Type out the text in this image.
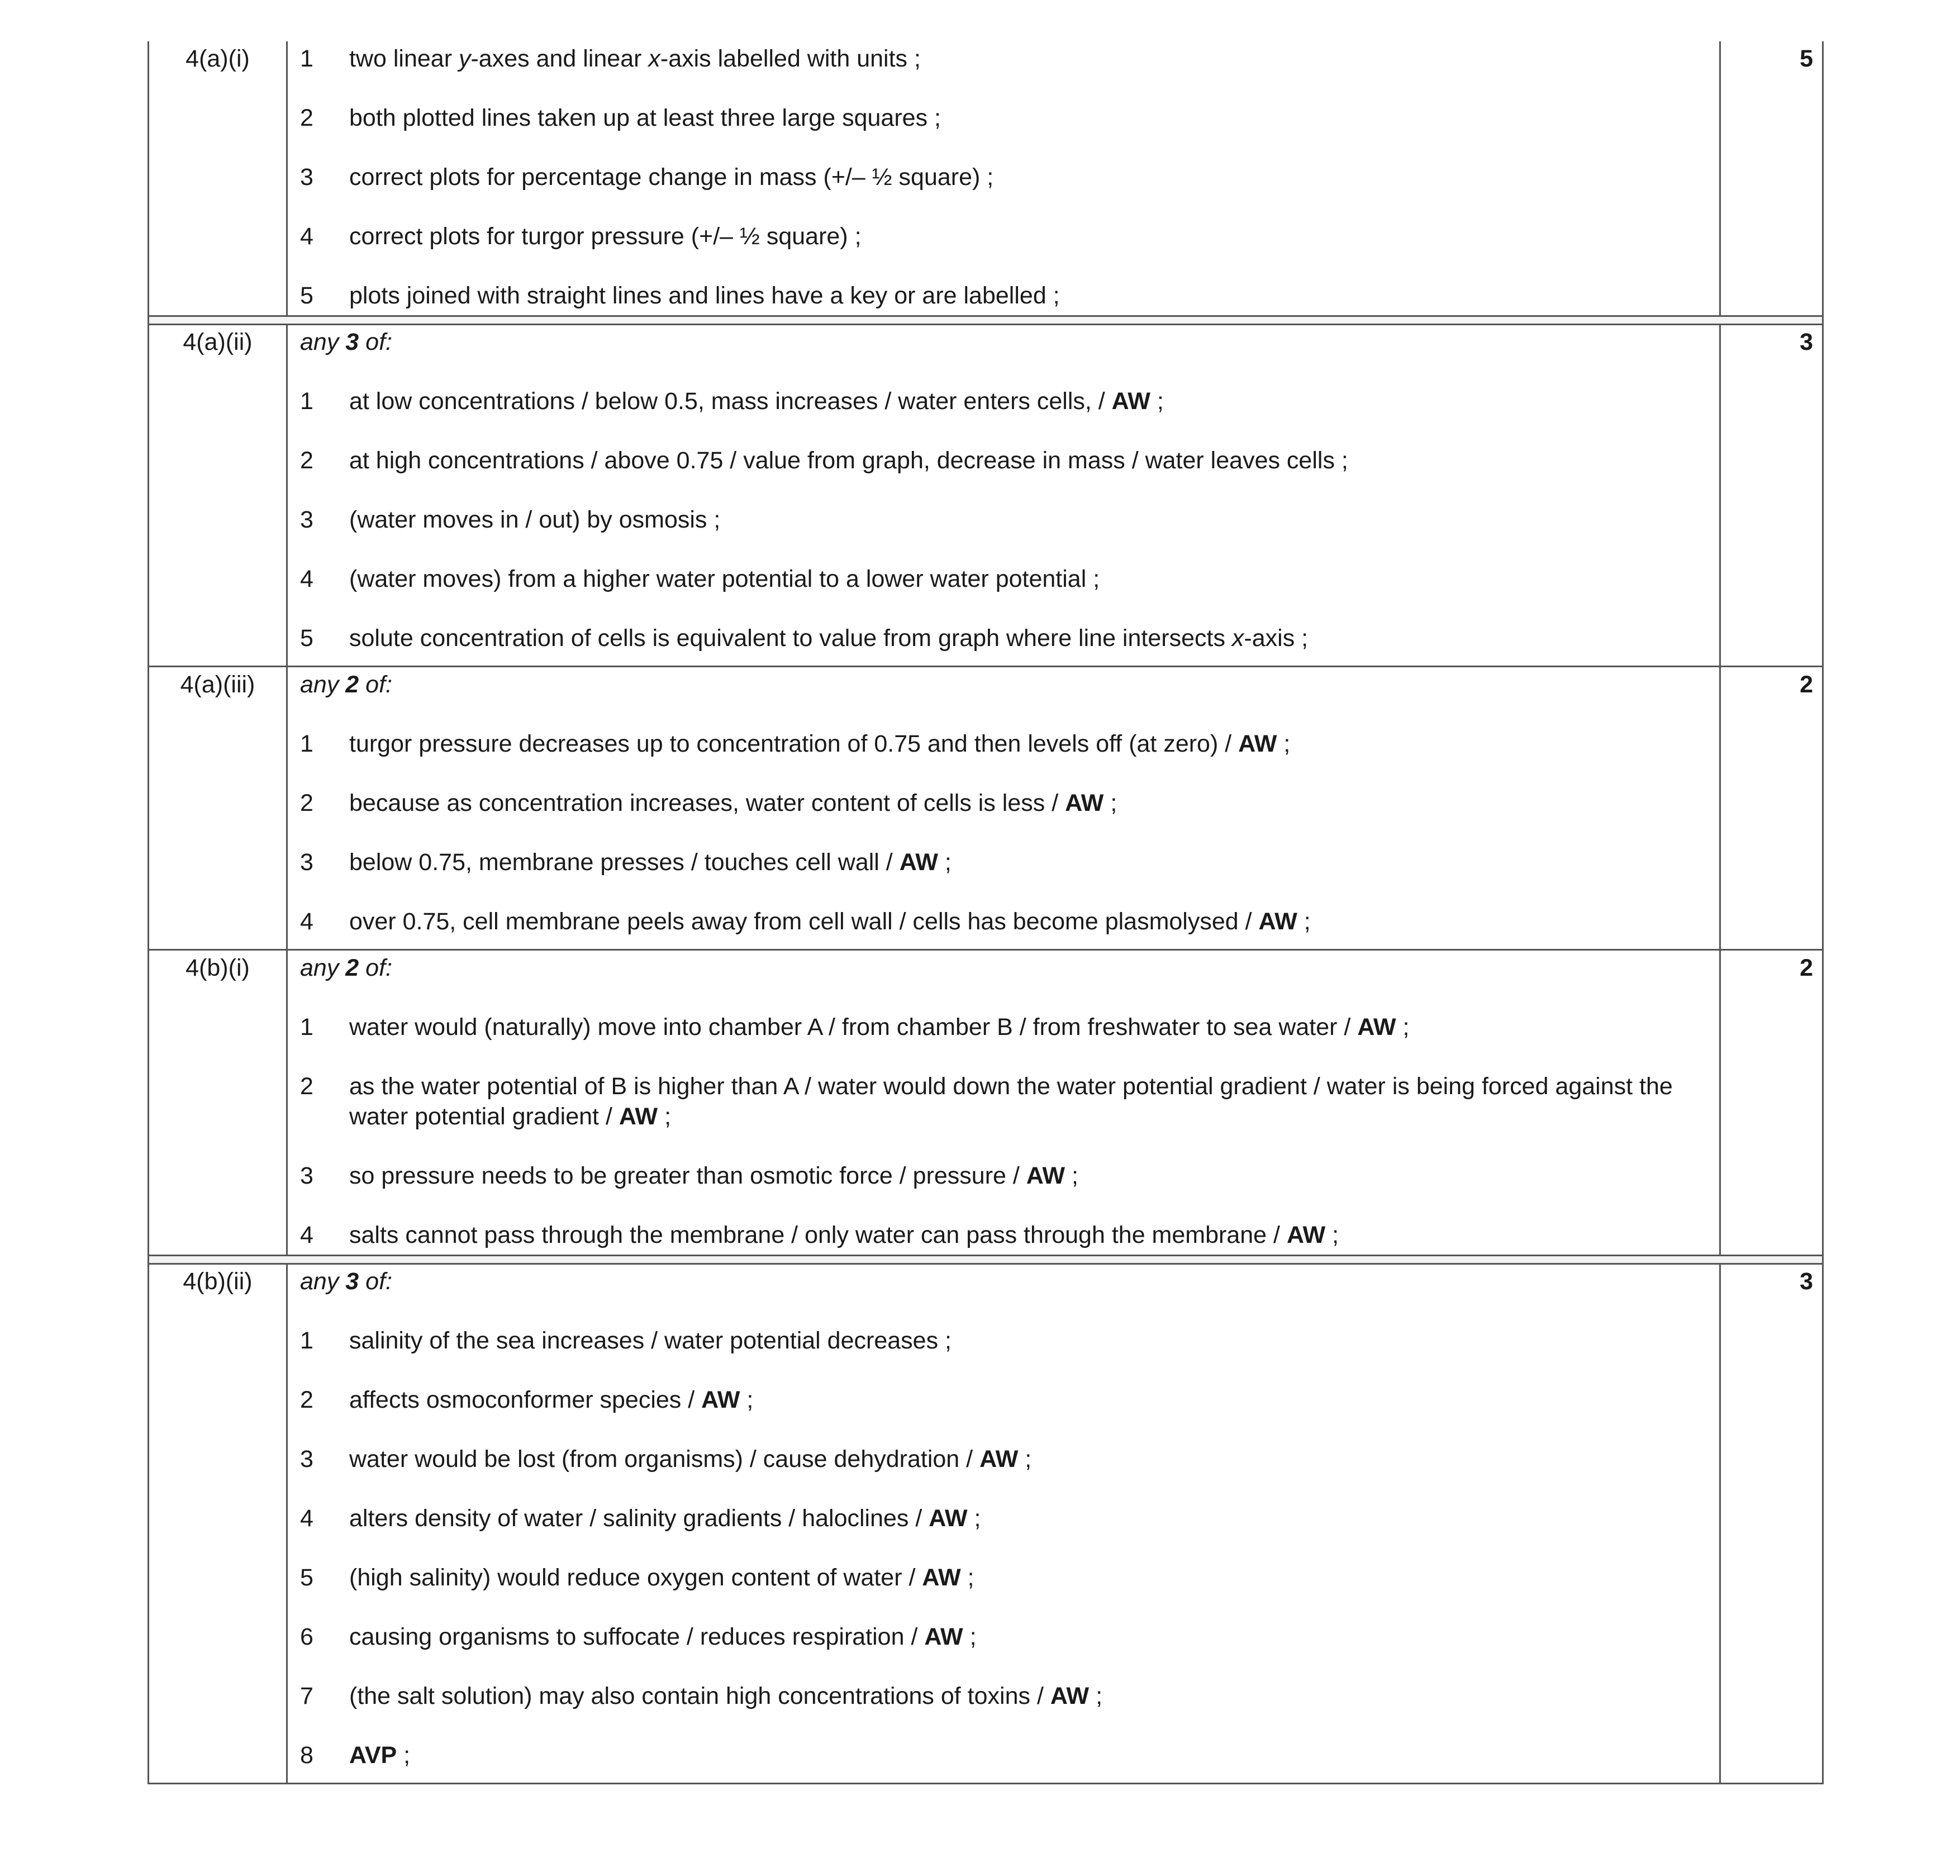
4(a)(i)	1	two linear y-axes and linear x-axis labelled with units ;
2	both plotted lines taken up at least three large squares ;
3	correct plots for percentage change in mass (+/– ½ square) ;
4	correct plots for turgor pressure (+/– ½ square) ;
5	plots joined with straight lines and lines have a key or are labelled ;
5
4(a)(ii)	any 3 of:
1	at low concentrations / below 0.5, mass increases / water enters cells, / AW ;
2	at high concentrations / above 0.75 / value from graph, decrease in mass / water leaves cells ;
3	(water moves in / out) by osmosis ;
4	(water moves) from a higher water potential to a lower water potential ;
5	solute concentration of cells is equivalent to value from graph where line intersects x-axis ;
3
4(a)(iii)	any 2 of:
1	turgor pressure decreases up to concentration of 0.75 and then levels off (at zero) / AW ;
2	because as concentration increases, water content of cells is less / AW ;
3	below 0.75, membrane presses / touches cell wall / AW ;
4	over 0.75, cell membrane peels away from cell wall / cells has become plasmolysed / AW ;
2
4(b)(i)	any 2 of:
1	water would (naturally) move into chamber A / from chamber B / from freshwater to sea water / AW ;
2	as the water potential of B is higher than A / water would down the water potential gradient / water is being forced against the water potential gradient / AW ;
3	so pressure needs to be greater than osmotic force / pressure / AW ;
4	salts cannot pass through the membrane / only water can pass through the membrane / AW ;
2
4(b)(ii)	any 3 of:
1	salinity of the sea increases / water potential decreases ;
2	affects osmoconformer species / AW ;
3	water would be lost (from organisms) / cause dehydration / AW ;
4	alters density of water / salinity gradients / haloclines / AW ;
5	(high salinity) would reduce oxygen content of water / AW ;
6	causing organisms to suffocate / reduces respiration / AW ;
7	(the salt solution) may also contain high concentrations of toxins / AW ;
8	AVP ;
3
